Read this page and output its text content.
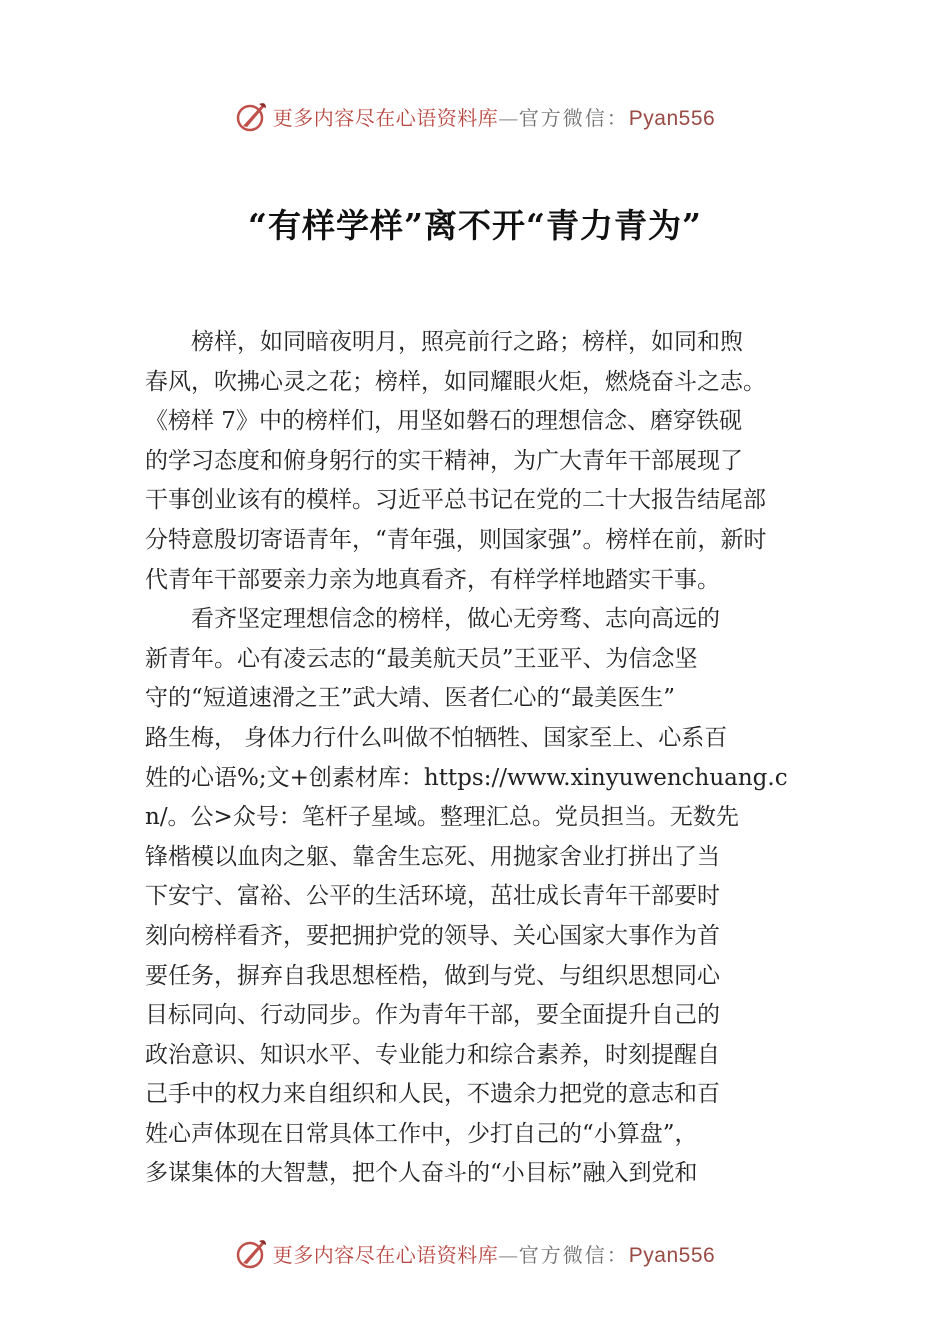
更多内容尽在心语资料库—官方微信：Pyan556
“有样学样”离不开“青力青为”

榜样，如同暗夜明月，照亮前行之路；榜样，如同和煦
春风，吹拂心灵之花；榜样，如同耀眼火炬，燃烧奋斗之志。
《榜样 7》中的榜样们，用坚如磐石的理想信念、磨穿铁砚
的学习态度和俯身躬行的实干精神，为广大青年干部展现了
干事创业该有的模样。习近平总书记在党的二十大报告结尾部
分特意殷切寄语青年，“青年强，则国家强”。榜样在前，新时
代青年干部要亲力亲为地真看齐，有样学样地踏实干事。

看齐坚定理想信念的榜样，做心无旁骛、志向高远的
新青年。心有凌云志的“最美航天员”王亚平、为信念坚
守的“短道速滑之王”武大靖、医者仁心的“最美医生”
路生梅， 身体力行什么叫做不怕牺牲、国家至上、心系百
姓的心语%;文+创素材库：https://www.xinyuwenchuang.c
n/。公>众号：笔杆子星域。整理汇总。党员担当。无数先
锋楷模以血肉之躯、靠舍生忘死、用抛家舍业打拼出了当
下安宁、富裕、公平的生活环境，茁壮成长青年干部要时
刻向榜样看齐，要把拥护党的领导、关心国家大事作为首
要任务，摒弃自我思想桎梏，做到与党、与组织思想同心
目标同向、行动同步。作为青年干部，要全面提升自己的
政治意识、知识水平、专业能力和综合素养，时刻提醒自
己手中的权力来自组织和人民，不遗余力把党的意志和百
姓心声体现在日常具体工作中，少打自己的“小算盘”，
多谋集体的大智慧，把个人奋斗的“小目标”融入到党和

更多内容尽在心语资料库—官方微信：Pyan556
